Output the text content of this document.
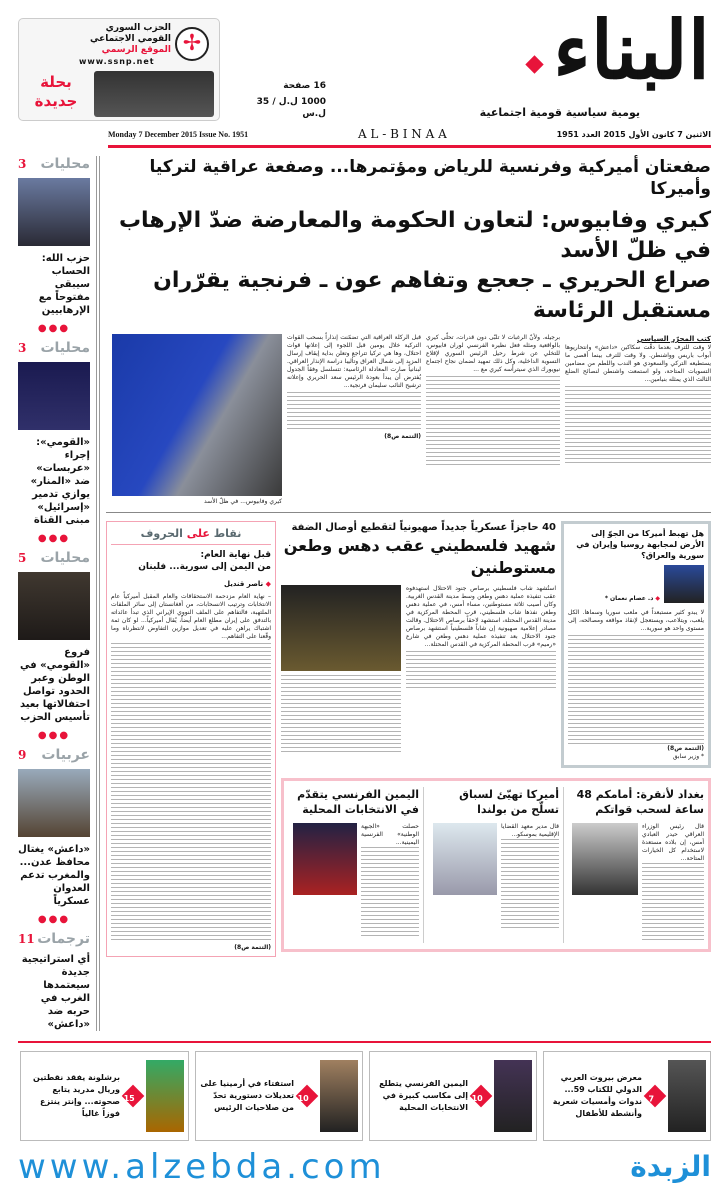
البناء
يومية سياسية قومية اجتماعية
16 صفحة
1000 ل.ل / 35 ل.س
✢
الحزب السوري
القومي الاجتماعي
الموقع الرسمي
www.ssnp.net
بحلة
جديدة
Monday 7 December 2015 Issue No. 1951	A L - B I N A A	الاثنين 7 كانون الأول 2015 العدد 1951
3 محليات
حزب الله: الحساب سيبقى مفتوحاً مع الإرهابيين
●●●
3 محليات
«القومي»: إجراء «عربسات» ضد «المنار» يوازي تدمير «إسرائيل» مبنى القناة
●●●
5 محليات
فروع «القومي» في الوطن وعبر الحدود تواصل احتفالاتها بعيد تأسيس الحزب
●●●
9 عربيات
«داعش» يغتال محافظ عدن... والمغرب تدعم العدوان عسكرياً
●●●
11 ترجمات
أي استراتيجية جديدة سيعتمدها الغرب في حربه ضد «داعش»
صفعتان أميركية وفرنسية للرياض ومؤتمرها... وصفعة عراقية لتركيا وأميركا
كيري وفابيوس: لتعاون الحكومة والمعارضة ضدّ الإرهاب في ظلّ الأسد
صراع الحريري ـ جعجع وتفاهم عون ـ فرنجية يقرّران مستقبل الرئاسة
كتب المحرّر السياسي
لا وقت للترف بعدما دقّت سكاكين «داعش» وانتحاريوها أبواب باريس وواشنطن. ولا وقت للترف بينما أقصى ما يستطيعه التركي والسعودي هو الندب واللطم من مضامين التسويات المتاحة، ولو استمعت واشنطن لنصائح الضلع الثالث الذي يمثله بنيامين...
برجيله. ولأنّ الرغبات لا تلبّى دون قدرات، تحلّى كيري بالواقعية ومثله فعل نظيره الفرنسي لوران فابيوس، للتخلي عن شرط رحيل الرئيس السوري لإقلاع التسوية الداخلية، وكل ذلك تمهيد لضمان نجاح اجتماع نيويورك الذي سيترأسه كيري مع ...
قبل الركلة العراقية التي تضمّنت إنذاراً بسحب القوات التركية خلال يومين قبل اللجوء إلى إعلانها قوات احتلال، وها هي تركيا تتراجع وتعلن بداية إيقاف إرسال المزيد إلى شمال العراق وتأليبا دراسة الإنذار العراقي. لبنانياً صارت المعادلة الرئاسية: تتسلسل وفقاً الجدول يُفترض أن يبدأ بعودة الرئيس سعد الحريري وإعلانه ترشيح النائب سليمان فرنجية...
(التتمة ص8)
كيري وفابيوس... في ظلّ الأسد
هل تهبط أميركا من الجوّ إلى الأرض لمجابهة روسيا وإيران في سورية والعراق؟
◆ د. عصام نعمان *
لا يبدو كثير مستبعداً في ملعب سوريا وسماها. الكل يلعب، ويتلاعب، ويستعجل لإنقاذ مواقعه ومصالحه، إلى مستوى واحد هو سورية...
(التتمة ص8)
* وزير سابق
40 حاجزاً عسكرياً جديداً صهيونياً لتقطيع أوصال الضفة
شهيد فلسطيني عقب دهس وطعن مستوطنين
استُشهد شاب فلسطيني برصاص جنود الاحتلال استهدفوه عقب تنفيذه عملية دهس وطعن وسط مدينة القدس الغربية. وكان أصيب ثلاثة مستوطنين، مساء أمس، في عملية دهس وطعن نفذها شاب فلسطيني، قرب المحطة المركزية في مدينة القدس المحتلة، استشهد لاحقاً برصاص الاحتلال. وقالت مصادر إعلامية صهيونية إن شاباً فلسطينياً استشهد برصاص جنود الاحتلال بعد تنفيذه عملية دهس وطعن في شارع «رميم» قرب المحطة المركزية في القدس المحتلة...
بغداد لأنقرة: أمامكم 48 ساعة لسحب قواتكم
قال رئيس الوزراء العراقي حيدر العبادي أمس، إن بلاده مستعدة لاستخدام كل الخيارات المتاحة...
أميركا تهيّئ لسباق تسلّح من بولندا
قال مدير معهد القضايا الإقليمية بموسكو...
اليمين الفرنسي يتقدّم في الانتخابات المحلية
حصلت «الجبهة الوطنية» الفرنسية اليمينية...
نقاط على الحروف
قبل نهاية العام:
من اليمن إلى سورية... فلبنان
◆ ناصر قنديل
– نهاية العام مزدحمة الاستحقاقات والعام المقبل أميركياً عام الانتخابات وترتيب الانسحابات، من أفغانستان إلى سائر الملفات الملتهبة، فالتفاهم على الملف النووي الإيراني الذي تبدأ عائداته بالتدفق على إيران مطلع العام أيضاً، يُقال أميركياً... لو كان ثمة اشتباك يراهن عليه في تعديل موازين التفاوض لانتظرناه وما وقّعنا على التفاهم...
(التتمة ص8)
7
معرض بيروت العربي الدولي للكتاب 59... ندوات وأمسيات شعرية وأنشطة للأطفال
10
اليمين الفرنسي يتطلع إلى مكاسب كبيرة في الانتخابات المحلية
10
استفتاء في أرمينيا على تعديلات دستورية تحدّ من صلاحيات الرئيس
15
برشلونة يفقد نقطتين وريال مدريد يتابع صحوته... وإنتر ينتزع فوزاً غالياً
www.alzebda.com	الزبدة
